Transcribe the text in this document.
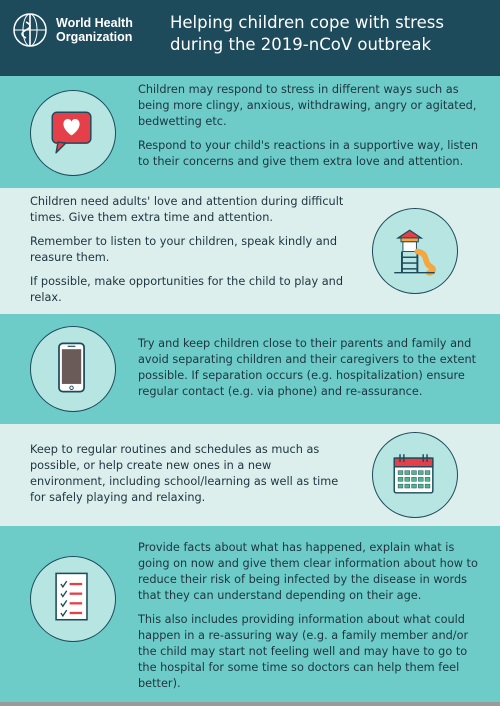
World Health
Organization
Helping children cope with stress
during the 2019-nCoV outbreak

Children may respond to stress in different ways such as being more clingy, anxious, withdrawing, angry or agitated, bedwetting etc.

Respond to your child's reactions in a supportive way, listen to their concerns and give them extra love and attention.

Children need adults' love and attention during difficult times. Give them extra time and attention.

Remember to listen to your children, speak kindly and reasure them.

If possible, make opportunities for the child to play and relax.

Try and keep children close to their parents and family and avoid separating children and their caregivers to the extent possible. If separation occurs (e.g. hospitalization) ensure regular contact (e.g. via phone) and re-assurance.

Keep to regular routines and schedules as much as possible, or help create new ones in a new environment, including school/learning as well as time for safely playing and relaxing.

Provide facts about what has happened, explain what is going on now and give them clear information about how to reduce their risk of being infected by the disease in words that they can understand depending on their age.

This also includes providing information about what could happen in a re-assuring way (e.g. a family member and/or the child may start not feeling well and may have to go to the hospital for some time so doctors can help them feel better).
